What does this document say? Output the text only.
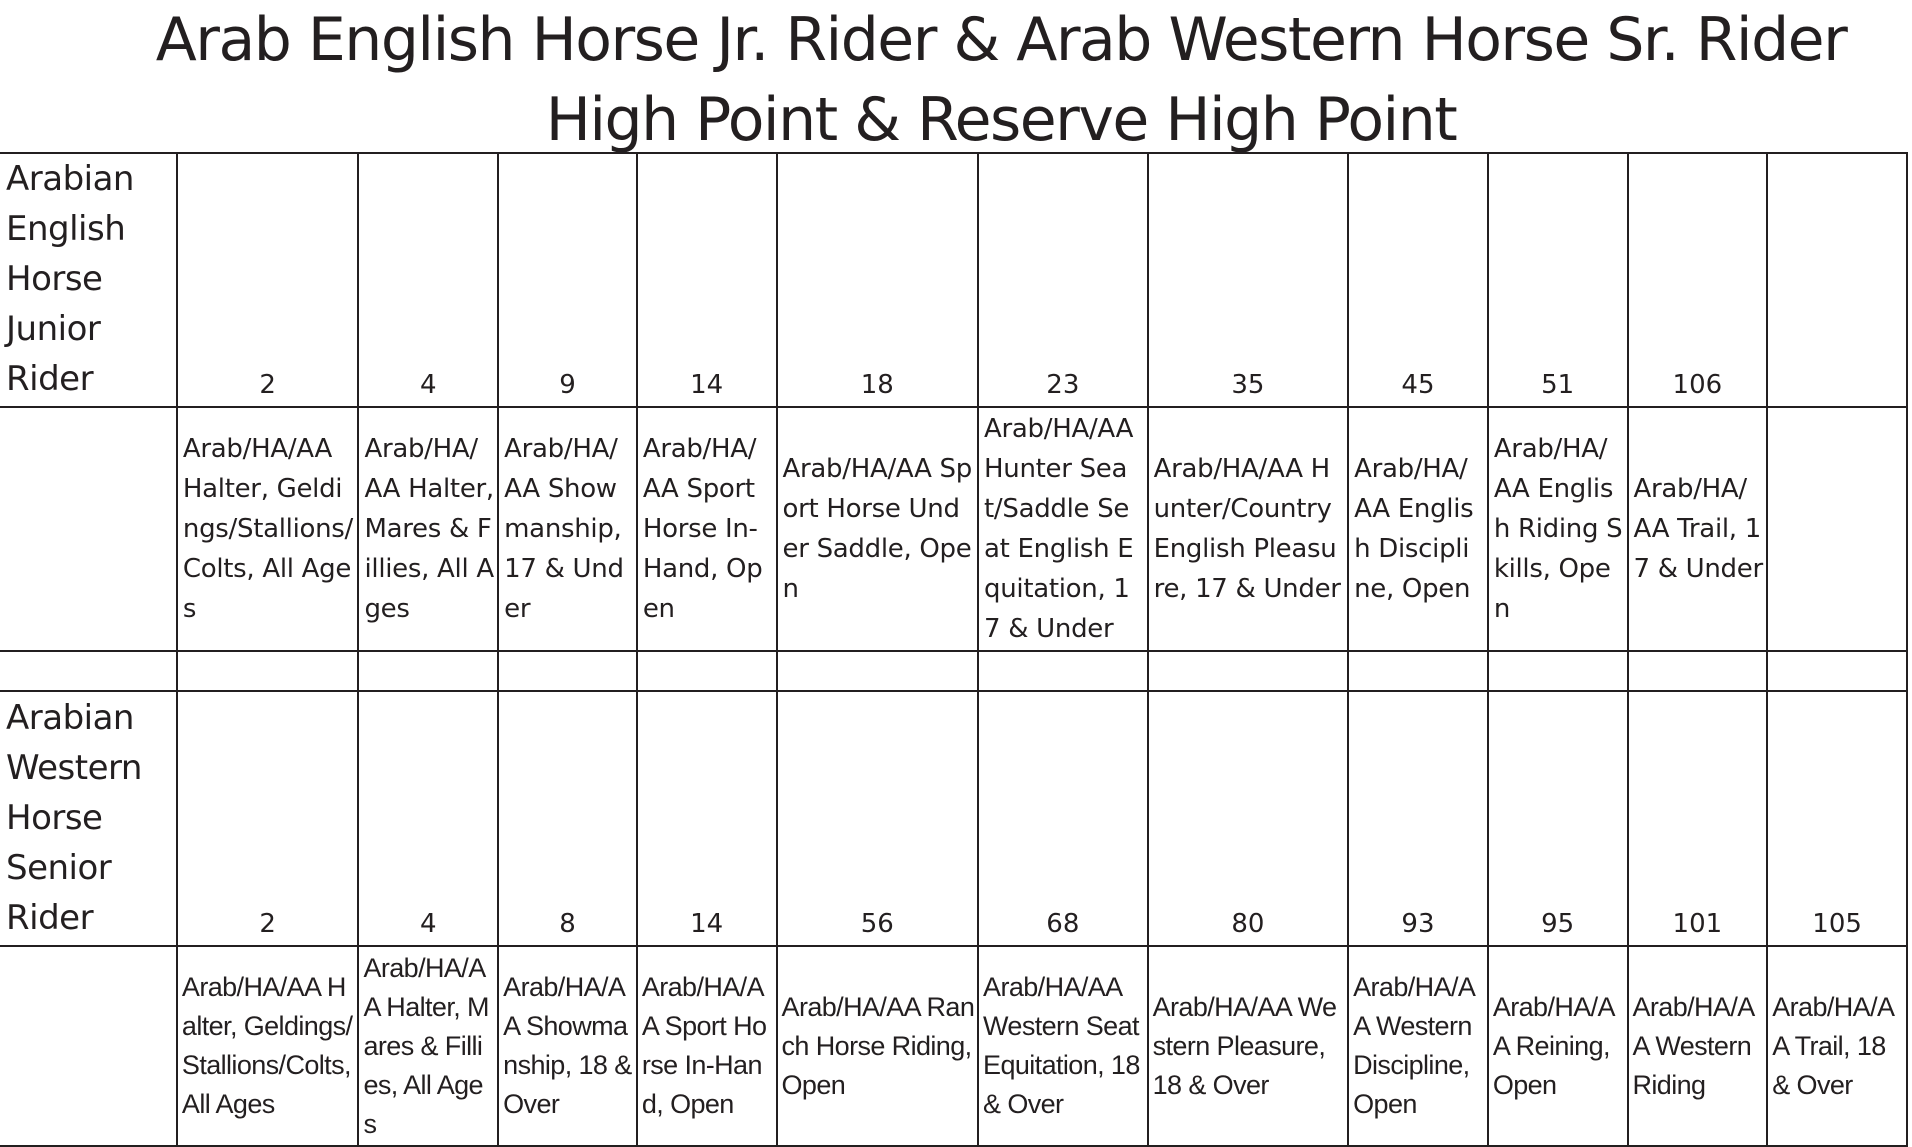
Arab English Horse Jr. Rider & Arab Western Horse Sr. Rider
High Point & Reserve High Point
Arabian
English
Horse
Junior
Rider	2	4	9	14	18	23	35	45	51	106	
	Arab/HA/AA Halter, Geldings/Stallions/Colts, All Ages	Arab/HA/AA Halter, Mares & Fillies, All Ages	Arab/HA/AA Showmanship, 17 & Under	Arab/HA/AA Sport Horse In-Hand, Open	Arab/HA/AA Sport Horse Under Saddle, Open	Arab/HA/AA Hunter Seat/Saddle Seat English Equitation, 17 & Under	Arab/HA/AA Hunter/Country English Pleasure, 17 & Under	Arab/HA/AA English Discipline, Open	Arab/HA/AA English Riding Skills, Open	Arab/HA/AA Trail, 17 & Under	

Arabian
Western
Horse
Senior
Rider	2	4	8	14	56	68	80	93	95	101	105
	Arab/HA/AA Halter, Geldings/Stallions/Colts, All Ages	Arab/HA/AA Halter, Mares & Fillies, All Ages	Arab/HA/AA Showmanship, 18 & Over	Arab/HA/AA Sport Horse In-Hand, Open	Arab/HA/AA Ranch Horse Riding, Open	Arab/HA/AA Western Seat Equitation, 18 & Over	Arab/HA/AA Western Pleasure, 18 & Over	Arab/HA/AA Western Discipline, Open	Arab/HA/AA Reining, Open	Arab/HA/AA Western Riding	Arab/HA/AA Trail, 18 & Over
